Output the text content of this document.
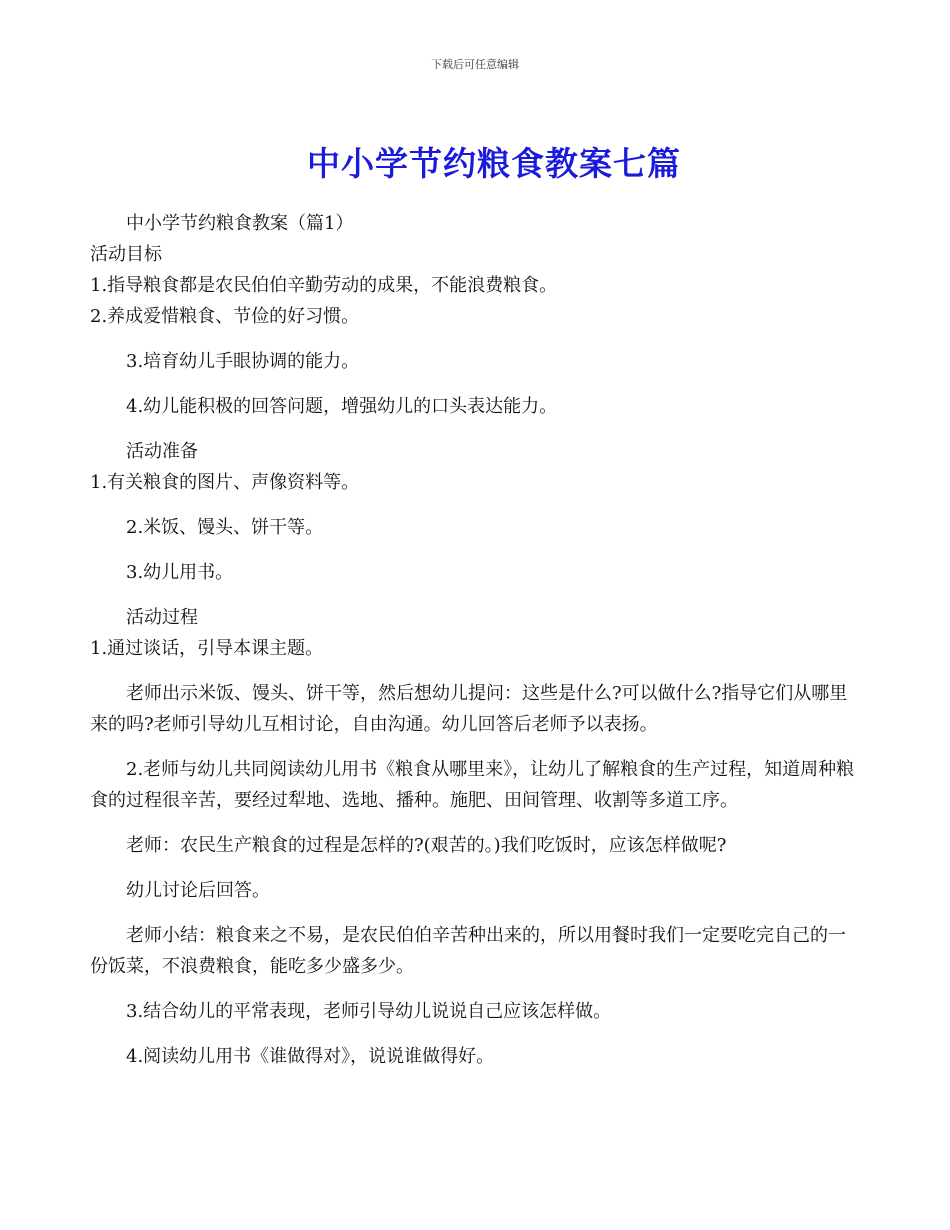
下载后可任意编辑
中小学节约粮食教案七篇

中小学节约粮食教案（篇1）

活动目标

1.指导粮食都是农民伯伯辛勤劳动的成果，不能浪费粮食。

2.养成爱惜粮食、节俭的好习惯。

3.培育幼儿手眼协调的能力。

4.幼儿能积极的回答问题，增强幼儿的口头表达能力。

活动准备

1.有关粮食的图片、声像资料等。

2.米饭、馒头、饼干等。

3.幼儿用书。

活动过程

1.通过谈话，引导本课主题。

老师出示米饭、馒头、饼干等，然后想幼儿提问：这些是什么?可以做什么?指导它们从哪里来的吗?老师引导幼儿互相讨论，自由沟通。幼儿回答后老师予以表扬。

2.老师与幼儿共同阅读幼儿用书《粮食从哪里来》，让幼儿了解粮食的生产过程，知道周种粮食的过程很辛苦，要经过犁地、选地、播种。施肥、田间管理、收割等多道工序。

老师：农民生产粮食的过程是怎样的?(艰苦的。)我们吃饭时，应该怎样做呢?

幼儿讨论后回答。

老师小结：粮食来之不易，是农民伯伯辛苦种出来的，所以用餐时我们一定要吃完自己的一份饭菜，不浪费粮食，能吃多少盛多少。

3.结合幼儿的平常表现，老师引导幼儿说说自己应该怎样做。

4.阅读幼儿用书《谁做得对》，说说谁做得好。
